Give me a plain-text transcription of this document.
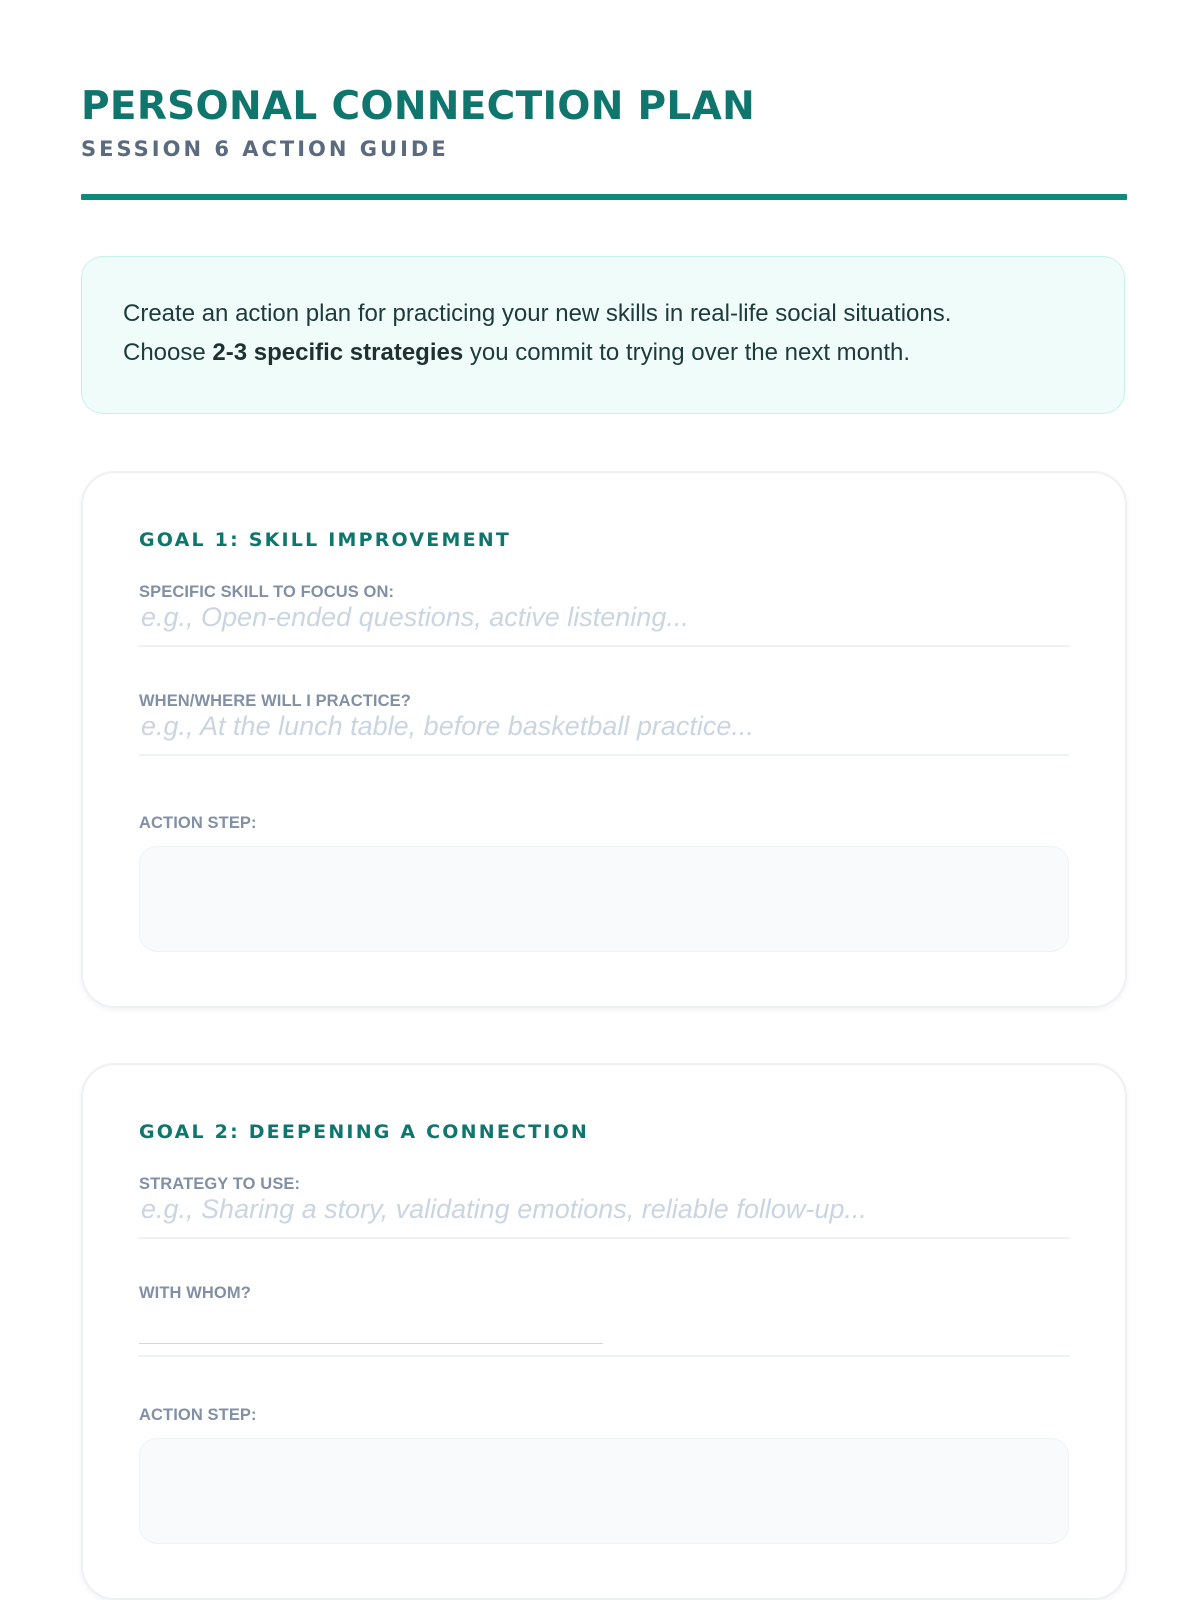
PERSONAL CONNECTION PLAN
SESSION 6 ACTION GUIDE
Create an action plan for practicing your new skills in real-life social situations.
Choose 2-3 specific strategies you commit to trying over the next month.
GOAL 1: SKILL IMPROVEMENT
SPECIFIC SKILL TO FOCUS ON:
e.g., Open-ended questions, active listening...
WHEN/WHERE WILL I PRACTICE?
e.g., At the lunch table, before basketball practice...
ACTION STEP:
GOAL 2: DEEPENING A CONNECTION
STRATEGY TO USE:
e.g., Sharing a story, validating emotions, reliable follow-up...
WITH WHOM?
ACTION STEP:
